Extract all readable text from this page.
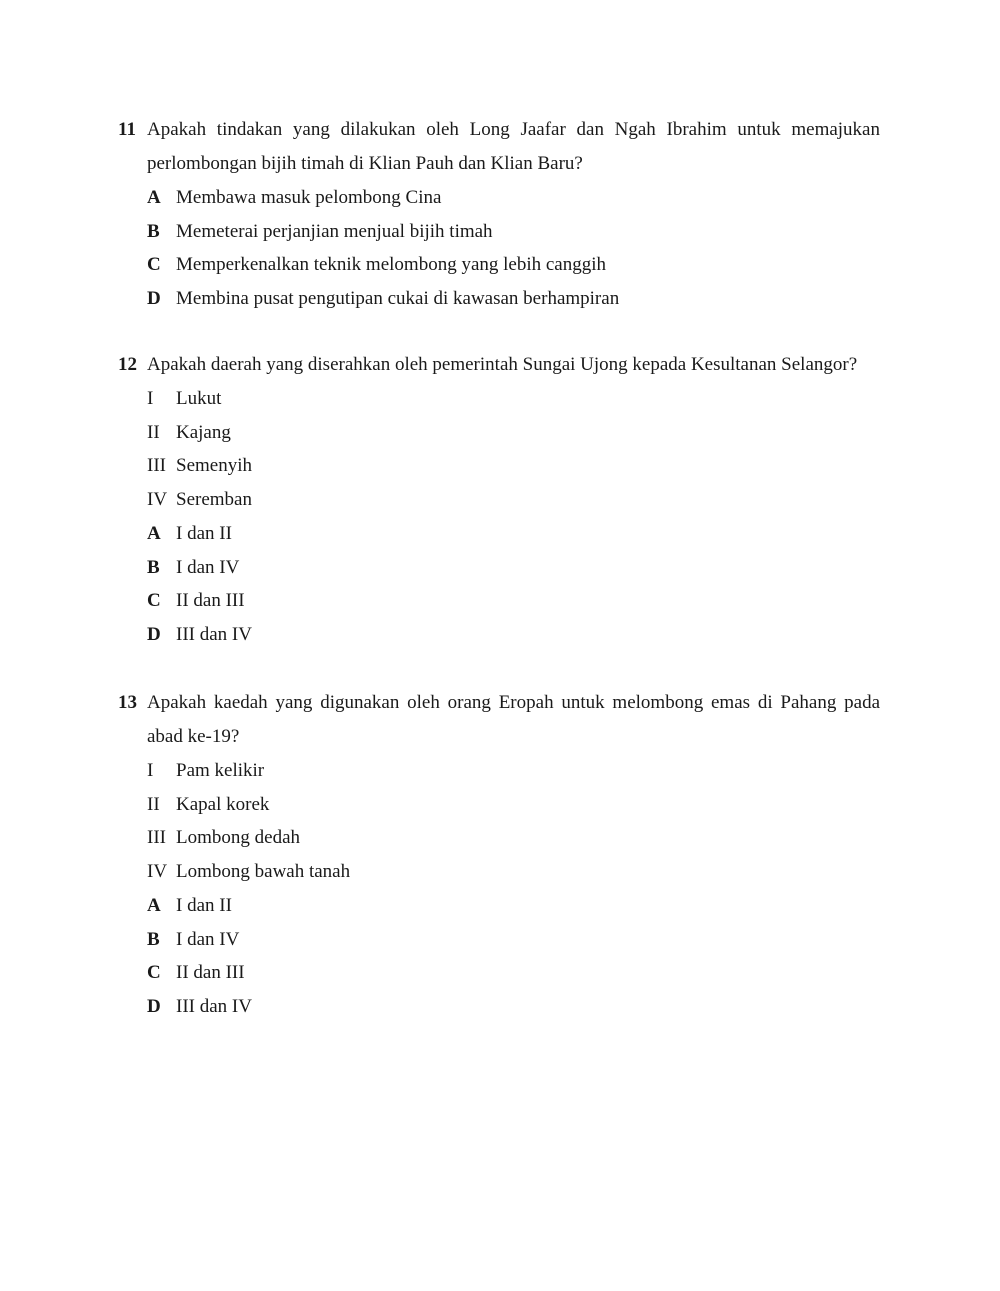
11 Apakah tindakan yang dilakukan oleh Long Jaafar dan Ngah Ibrahim untuk memajukan perlombongan bijih timah di Klian Pauh dan Klian Baru?
A Membawa masuk pelombong Cina
B Memeterai perjanjian menjual bijih timah
C Memperkenalkan teknik melombong yang lebih canggih
D Membina pusat pengutipan cukai di kawasan berhampiran
12 Apakah daerah yang diserahkan oleh pemerintah Sungai Ujong kepada Kesultanan Selangor?
I	Lukut
II Kajang
III Semenyih
IV Seremban
A I dan II
B I dan IV
C II dan III
D III dan IV
13 Apakah kaedah yang digunakan oleh orang Eropah untuk melombong emas di Pahang pada abad ke-19?
I	Pam kelikir
II Kapal korek
III Lombong dedah
IV Lombong bawah tanah
A I dan II
B I dan IV
C II dan III
D III dan IV
